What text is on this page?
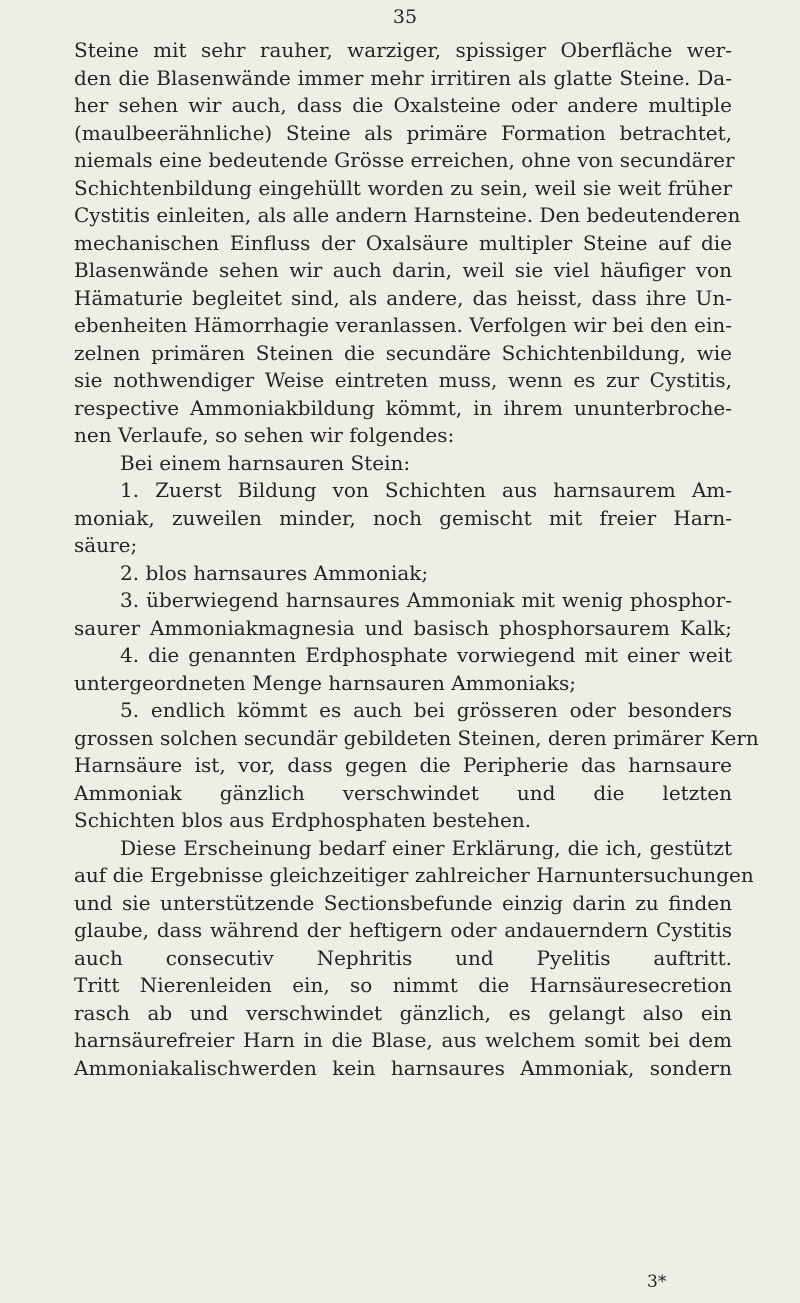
35
Steine mit sehr rauher, warziger, spissiger Oberfläche wer-
den die Blasenwände immer mehr irritiren als glatte Steine. Da-
her sehen wir auch, dass die Oxalsteine oder andere multiple
(maulbeerähnliche) Steine als primäre Formation betrachtet,
niemals eine bedeutende Grösse erreichen, ohne von secundärer
Schichtenbildung eingehüllt worden zu sein, weil sie weit früher
Cystitis einleiten, als alle andern Harnsteine. Den bedeutenderen
mechanischen Einfluss der Oxalsäure multipler Steine auf die
Blasenwände sehen wir auch darin, weil sie viel häufiger von
Hämaturie begleitet sind, als andere, das heisst, dass ihre Un-
ebenheiten Hämorrhagie veranlassen. Verfolgen wir bei den ein-
zelnen primären Steinen die secundäre Schichtenbildung, wie
sie nothwendiger Weise eintreten muss, wenn es zur Cystitis,
respective Ammoniakbildung kömmt, in ihrem ununterbroche-
nen Verlaufe, so sehen wir folgendes:
Bei einem harnsauren Stein:
1. Zuerst Bildung von Schichten aus harnsaurem Am-
moniak, zuweilen minder, noch gemischt mit freier Harn-
säure;
2. blos harnsaures Ammoniak;
3. überwiegend harnsaures Ammoniak mit wenig phosphor-
saurer Ammoniakmagnesia und basisch phosphorsaurem Kalk;
4. die genannten Erdphosphate vorwiegend mit einer weit
untergeordneten Menge harnsauren Ammoniaks;
5. endlich kömmt es auch bei grösseren oder besonders
grossen solchen secundär gebildeten Steinen, deren primärer Kern
Harnsäure ist, vor, dass gegen die Peripherie das harnsaure
Ammoniak gänzlich verschwindet und die letzten
Schichten blos aus Erdphosphaten bestehen.
Diese Erscheinung bedarf einer Erklärung, die ich, gestützt
auf die Ergebnisse gleichzeitiger zahlreicher Harnuntersuchungen
und sie unterstützende Sectionsbefunde einzig darin zu finden
glaube, dass während der heftigern oder andauerndern Cystitis
auch consecutiv Nephritis und Pyelitis auftritt.
Tritt Nierenleiden ein, so nimmt die Harnsäuresecretion
rasch ab und verschwindet gänzlich, es gelangt also ein
harnsäurefreier Harn in die Blase, aus welchem somit bei dem
Ammoniakalischwerden kein harnsaures Ammoniak, sondern
3*
